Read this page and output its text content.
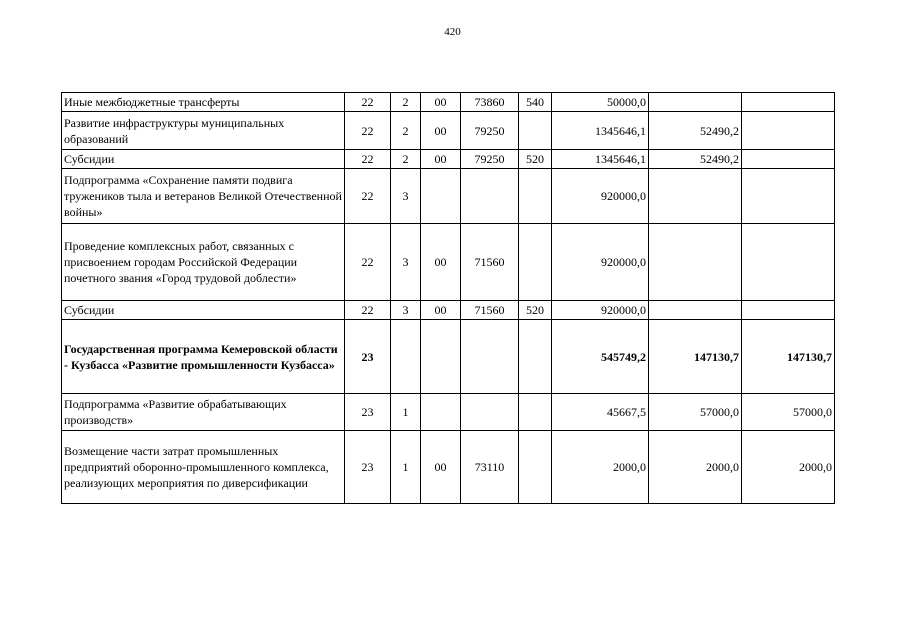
420
Иные межбюджетные трансферты	22	2	00	73860	540	50000,0		
Развитие инфраструктуры муниципальных образований	22	2	00	79250		1345646,1	52490,2	
Субсидии	22	2	00	79250	520	1345646,1	52490,2	
Подпрограмма «Сохранение памяти подвига тружеников тыла и ветеранов Великой Отечественной войны»	22	3				920000,0		
Проведение комплексных работ, связанных с присвоением городам Российской Федерации почетного звания «Город трудовой доблести»	22	3	00	71560		920000,0		
Субсидии	22	3	00	71560	520	920000,0		
Государственная программа Кемеровской области - Кузбасса «Развитие промышленности Кузбасса»	23					545749,2	147130,7	147130,7
Подпрограмма «Развитие обрабатывающих производств»	23	1				45667,5	57000,0	57000,0
Возмещение части затрат промышленных предприятий оборонно-промышленного комплекса, реализующих мероприятия по диверсификации	23	1	00	73110		2000,0	2000,0	2000,0
